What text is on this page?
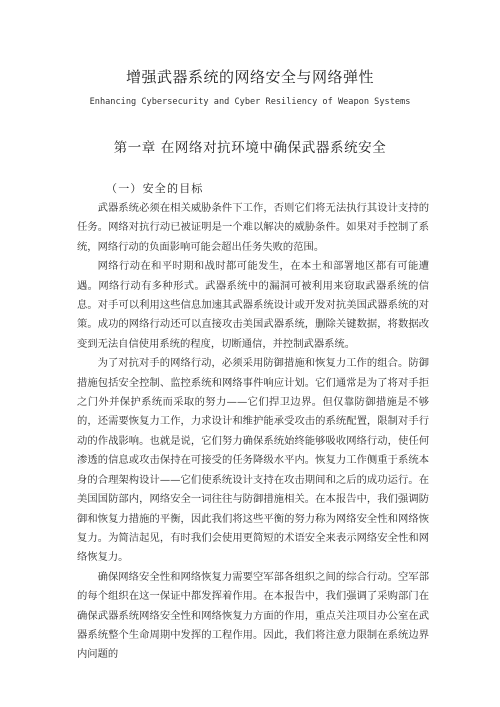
增强武器系统的网络安全与网络弹性
Enhancing Cybersecurity and Cyber Resiliency of Weapon Systems
第一章 在网络对抗环境中确保武器系统安全
（一）安全的目标

武器系统必须在相关威胁条件下工作，否则它们将无法执行其设计支持的任务。网络对抗行动已被证明是一个难以解决的威胁条件。如果对手控制了系统，网络行动的负面影响可能会超出任务失败的范围。

网络行动在和平时期和战时都可能发生，在本土和部署地区都有可能遭遇。网络行动有多种形式。武器系统中的漏洞可被利用来窃取武器系统的信息。对手可以利用这些信息加速其武器系统设计或开发对抗美国武器系统的对策。成功的网络行动还可以直接攻击美国武器系统，删除关键数据，将数据改变到无法自信使用系统的程度，切断通信，并控制武器系统。

为了对抗对手的网络行动，必须采用防御措施和恢复力工作的组合。防御措施包括安全控制、监控系统和网络事件响应计划。它们通常是为了将对手拒之门外并保护系统而采取的努力——它们捍卫边界。但仅靠防御措施是不够的，还需要恢复力工作，力求设计和维护能承受攻击的系统配置，限制对手行动的作战影响。也就是说，它们努力确保系统始终能够吸收网络行动，使任何渗透的信息或攻击保持在可接受的任务降级水平内。恢复力工作侧重于系统本身的合理架构设计——它们使系统设计支持在攻击期间和之后的成功运行。在美国国防部内，网络安全一词往往与防御措施相关。在本报告中，我们强调防御和恢复力措施的平衡，因此我们将这些平衡的努力称为网络安全性和网络恢复力。为简洁起见，有时我们会使用更简短的术语安全来表示网络安全性和网络恢复力。

确保网络安全性和网络恢复力需要空军部各组织之间的综合行动。空军部的每个组织在这一保证中都发挥着作用。在本报告中，我们强调了采购部门在确保武器系统网络安全性和网络恢复力方面的作用，重点关注项目办公室在武器系统整个生命周期中发挥的工程作用。因此，我们将注意力限制在系统边界内问题的
